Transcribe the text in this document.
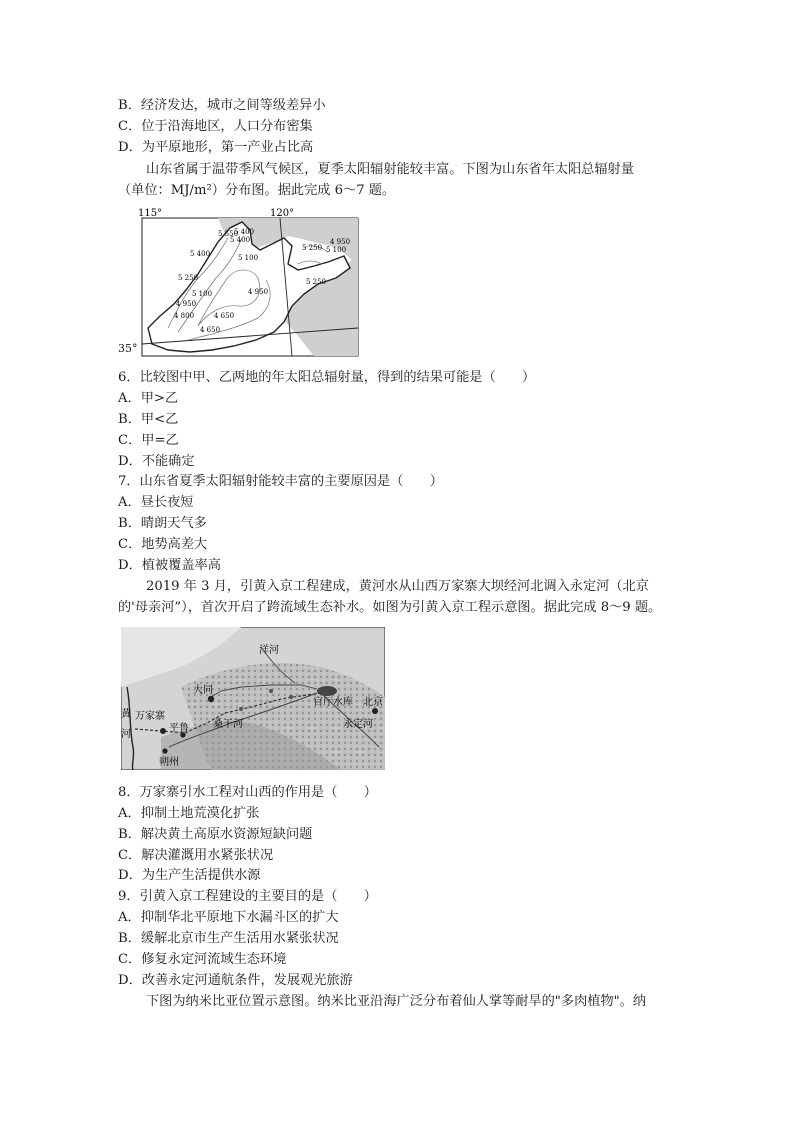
B．经济发达，城市之间等级差异小
C．位于沿海地区，人口分布密集
D．为平原地形，第一产业占比高
山东省属于温带季风气候区，夏季太阳辐射能较丰富。下图为山东省年太阳总辐射量
（单位：MJ/m²）分布图。据此完成 6～7 题。
5 550
5 400
5 400
5 400
5 250
5 100
4 950
4 950
5 100
4 800	4 650
4 650
4 950
5 250 5 100
5 250
115°	120°
35°
6．比较图中甲、乙两地的年太阳总辐射量，得到的结果可能是（　　）
A．甲>乙
B．甲<乙
C．甲=乙
D．不能确定
7．山东省夏季太阳辐射能较丰富的主要原因是（　　）
A．昼长夜短
B．晴朗天气多
C．地势高差大
D．植被覆盖率高
2019 年 3 月，引黄入京工程建成，黄河水从山西万家寨大坝经河北调入永定河（北京
的'母亲河”），首次开启了跨流域生态补水。如图为引黄入京工程示意图。据此完成 8～9 题。
洋河
大同
黄
河
万家寨
平鲁 桑干河
朔州
官厅水库 北京
永定河
8．万家寨引水工程对山西的作用是（　　）
A．抑制土地荒漠化扩张
B．解决黄土高原水资源短缺问题
C．解决灌溉用水紧张状况
D．为生产生活提供水源
9．引黄入京工程建设的主要目的是（　　）
A．抑制华北平原地下水漏斗区的扩大
B．缓解北京市生产生活用水紧张状况
C．修复永定河流域生态环境
D．改善永定河通航条件，发展观光旅游
下图为纳米比亚位置示意图。纳米比亚沿海广泛分布着仙人掌等耐旱的"多肉植物"。纳
